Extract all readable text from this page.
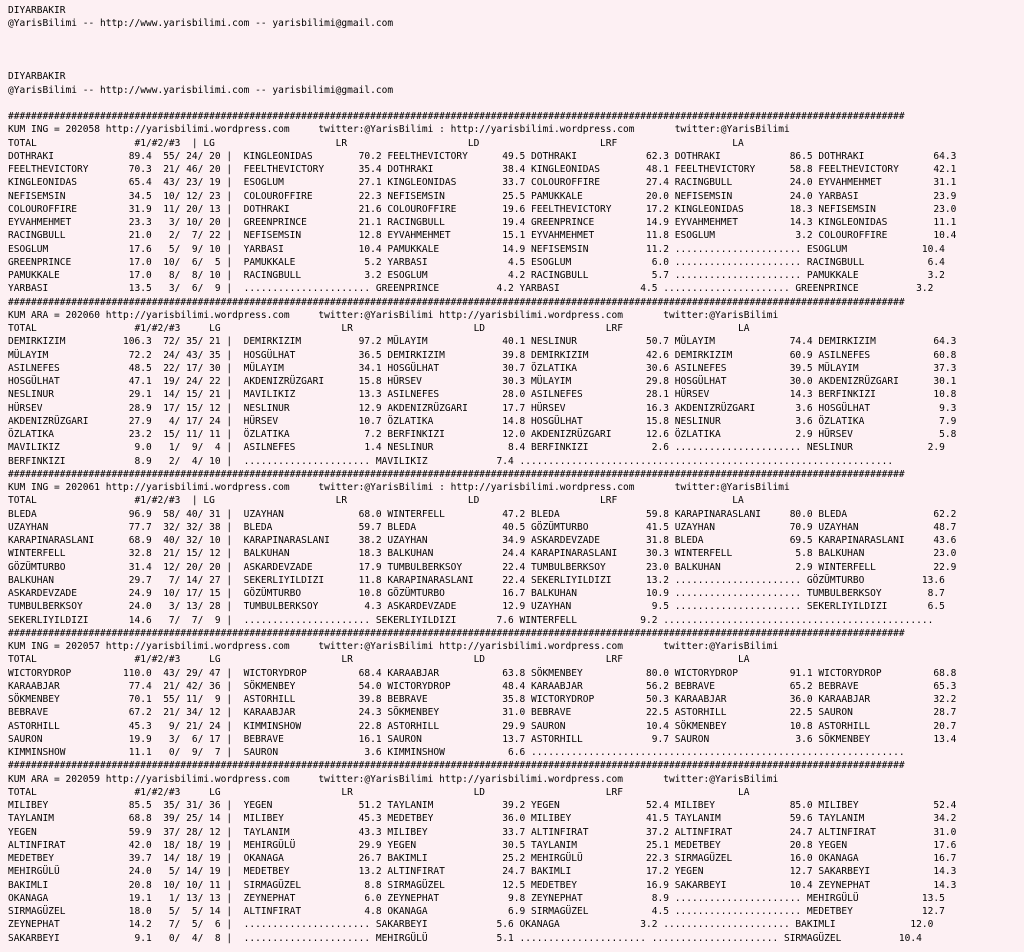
DIYARBAKIR
@YarisBilimi -- http://www.yarisbilimi.com -- yarisbilimi@gmail.com
DIYARBAKIR
@YarisBilimi -- http://www.yarisbilimi.com -- yarisbilimi@gmail.com
############################################################################################################################################################
KUM ING = 202058 http://yarisbilimi.wordpress.com     twitter:@YarisBilimi : http://yarisbilimi.wordpress.com       twitter:@YarisBilimi
TOTAL                 #1/#2/#3  | LG                     LR                     LD                     LRF                    LA
DOTHRAKI             89.4  55/ 24/ 20 |  KINGLEONIDAS        70.2 FEELTHEVICTORY      49.5 DOTHRAKI            62.3 DOTHRAKI            86.5 DOTHRAKI            64.3
FEELTHEVICTORY       70.3  21/ 46/ 20 |  FEELTHEVICTORY      35.4 DOTHRAKI            38.4 KINGLEONIDAS        48.1 FEELTHEVICTORY      58.8 FEELTHEVICTORY      42.1
KINGLEONIDAS         65.4  43/ 23/ 19 |  ESOGLUM             27.1 KINGLEONIDAS        33.7 COLOUROFFIRE        27.4 RACINGBULL          24.0 EYVAHMEHMET         31.1
NEFISEMSIN           34.5  10/ 12/ 23 |  COLOUROFFIRE        22.3 NEFISEMSIN          25.5 PAMUKKALE           20.0 NEFISEMSIN          24.0 YARBASI             23.9
COLOUROFFIRE         31.9  11/ 20/ 13 |  DOTHRAKI            21.6 COLOUROFFIRE        19.6 FEELTHEVICTORY      17.2 KINGLEONIDAS        18.3 NEFISEMSIN          23.0
EYVAHMEHMET          23.3   3/ 10/ 20 |  GREENPRINCE         21.1 RACINGBULL          19.4 GREENPRINCE         14.9 EYVAHMEHMET         14.3 KINGLEONIDAS        11.1
RACINGBULL           21.0   2/  7/ 22 |  NEFISEMSIN          12.8 EYVAHMEHMET         15.1 EYVAHMEHMET         11.8 ESOGLUM              3.2 COLOUROFFIRE        10.4
ESOGLUM              17.6   5/  9/ 10 |  YARBASI             10.4 PAMUKKALE           14.9 NEFISEMSIN          11.2 ...................... ESOGLUM             10.4
GREENPRINCE          17.0  10/  6/  5 |  PAMUKKALE            5.2 YARBASI              4.5 ESOGLUM              6.0 ...................... RACINGBULL           6.4
PAMUKKALE            17.0   8/  8/ 10 |  RACINGBULL           3.2 ESOGLUM              4.2 RACINGBULL           5.7 ...................... PAMUKKALE            3.2
YARBASI              13.5   3/  6/  9 |  ...................... GREENPRINCE          4.2 YARBASI              4.5 ...................... GREENPRINCE          3.2
############################################################################################################################################################
KUM ARA = 202060 http://yarisbilimi.wordpress.com     twitter:@YarisBilimi http://yarisbilimi.wordpress.com       twitter:@YarisBilimi
TOTAL                 #1/#2/#3     LG                     LR                     LD                     LRF                    LA
DEMIRKIZIM          106.3  72/ 35/ 21 |  DEMIRKIZIM          97.2 MÜLAYIM             40.1 NESLINUR            50.7 MÜLAYIM             74.4 DEMIRKIZIM          64.3
MÜLAYIM              72.2  24/ 43/ 35 |  HOSGÜLHAT           36.5 DEMIRKIZIM          39.8 DEMIRKIZIM          42.6 DEMIRKIZIM          60.9 ASILNEFES           60.8
ASILNEFES            48.5  22/ 17/ 30 |  MÜLAYIM             34.1 HOSGÜLHAT           30.7 ÖZLATIKA            30.6 ASILNEFES           39.5 MÜLAYIM             37.3
HOSGÜLHAT            47.1  19/ 24/ 22 |  AKDENIZRÜZGARI      15.8 HÜRSEV              30.3 MÜLAYIM             29.8 HOSGÜLHAT           30.0 AKDENIZRÜZGARI      30.1
NESLINUR             29.1  14/ 15/ 21 |  MAVILIKIZ           13.3 ASILNEFES           28.0 ASILNEFES           28.1 HÜRSEV              14.3 BERFINKIZI          10.8
HÜRSEV               28.9  17/ 15/ 12 |  NESLINUR            12.9 AKDENIZRÜZGARI      17.7 HÜRSEV              16.3 AKDENIZRÜZGARI       3.6 HOSGÜLHAT            9.3
AKDENIZRÜZGARI       27.9   4/ 17/ 24 |  HÜRSEV              10.7 ÖZLATIKA            14.8 HOSGÜLHAT           15.8 NESLINUR             3.6 ÖZLATIKA             7.9
ÖZLATIKA             23.2  15/ 11/ 11 |  ÖZLATIKA             7.2 BERFINKIZI          12.0 AKDENIZRÜZGARI      12.6 ÖZLATIKA             2.9 HÜRSEV               5.8
MAVILIKIZ             9.0   1/  9/  4 |  ASILNEFES            1.4 NESLINUR             8.4 BERFINKIZI           2.6 ...................... NESLINUR             2.9
BERFINKIZI            8.9   2/  4/ 10 |  ...................... MAVILIKIZ            7.4 .................................................................
############################################################################################################################################################
KUM ING = 202061 http://yarisbilimi.wordpress.com     twitter:@YarisBilimi : http://yarisbilimi.wordpress.com       twitter:@YarisBilimi
TOTAL                 #1/#2/#3  | LG                     LR                     LD                     LRF                    LA
BLEDA                96.9  58/ 40/ 31 |  UZAYHAN             68.0 WINTERFELL          47.2 BLEDA               59.8 KARAPINARASLANI     80.0 BLEDA               62.2
UZAYHAN              77.7  32/ 32/ 38 |  BLEDA               59.7 BLEDA               40.5 GÖZÜMTURBO          41.5 UZAYHAN             70.9 UZAYHAN             48.7
KARAPINARASLANI      68.9  40/ 32/ 10 |  KARAPINARASLANI     38.2 UZAYHAN             34.9 ASKARDEVZADE        31.8 BLEDA               69.5 KARAPINARASLANI     43.6
WINTERFELL           32.8  21/ 15/ 12 |  BALKUHAN            18.3 BALKUHAN            24.4 KARAPINARASLANI     30.3 WINTERFELL           5.8 BALKUHAN            23.0
GÖZÜMTURBO           31.4  12/ 20/ 20 |  ASKARDEVZADE        17.9 TUMBULBERKSOY       22.4 TUMBULBERKSOY       23.0 BALKUHAN             2.9 WINTERFELL          22.9
BALKUHAN             29.7   7/ 14/ 27 |  SEKERLIYILDIZI      11.8 KARAPINARASLANI     22.4 SEKERLIYILDIZI      13.2 ...................... GÖZÜMTURBO          13.6
ASKARDEVZADE         24.9  10/ 17/ 15 |  GÖZÜMTURBO          10.8 GÖZÜMTURBO          16.7 BALKUHAN            10.9 ...................... TUMBULBERKSOY        8.7
TUMBULBERKSOY        24.0   3/ 13/ 28 |  TUMBULBERKSOY        4.3 ASKARDEVZADE        12.9 UZAYHAN              9.5 ...................... SEKERLIYILDIZI       6.5
SEKERLIYILDIZI       14.6   7/  7/  9 |  ...................... SEKERLIYILDIZI       7.6 WINTERFELL           9.2 ...............................................
############################################################################################################################################################
KUM ING = 202057 http://yarisbilimi.wordpress.com     twitter:@YarisBilimi http://yarisbilimi.wordpress.com       twitter:@YarisBilimi
TOTAL                 #1/#2/#3     LG                     LR                     LD                     LRF                    LA
WICTORYDROP         110.0  43/ 29/ 47 |  WICTORYDROP         68.4 KARAABJAR           63.8 SÖKMENBEY           80.0 WICTORYDROP         91.1 WICTORYDROP         68.8
KARAABJAR            77.4  21/ 42/ 36 |  SÖKMENBEY           54.0 WICTORYDROP         48.4 KARAABJAR           56.2 BEBRAVE             65.2 BEBRAVE             65.3
SÖKMENBEY            70.1  55/ 11/  9 |  ASTORHILL           39.8 BEBRAVE             35.8 WICTORYDROP         50.3 KARAABJAR           36.0 KARAABJAR           32.2
BEBRAVE              67.2  21/ 34/ 12 |  KARAABJAR           24.3 SÖKMENBEY           31.0 BEBRAVE             22.5 ASTORHILL           22.5 SAURON              28.7
ASTORHILL            45.3   9/ 21/ 24 |  KIMMINSHOW          22.8 ASTORHILL           29.9 SAURON              10.4 SÖKMENBEY           10.8 ASTORHILL           20.7
SAURON               19.9   3/  6/ 17 |  BEBRAVE             16.1 SAURON              13.7 ASTORHILL            9.7 SAURON               3.6 SÖKMENBEY           13.4
KIMMINSHOW           11.1   0/  9/  7 |  SAURON               3.6 KIMMINSHOW           6.6 .................................................................
############################################################################################################################################################
KUM ARA = 202059 http://yarisbilimi.wordpress.com     twitter:@YarisBilimi http://yarisbilimi.wordpress.com       twitter:@YarisBilimi
TOTAL                 #1/#2/#3     LG                     LR                     LD                     LRF                    LA
MILIBEY              85.5  35/ 31/ 36 |  YEGEN               51.2 TAYLANIM            39.2 YEGEN               52.4 MILIBEY             85.0 MILIBEY             52.4
TAYLANIM             68.8  39/ 25/ 14 |  MILIBEY             45.3 MEDETBEY            36.0 MILIBEY             41.5 TAYLANIM            59.6 TAYLANIM            34.2
YEGEN                59.9  37/ 28/ 12 |  TAYLANIM            43.3 MILIBEY             33.7 ALTINFIRAT          37.2 ALTINFIRAT          24.7 ALTINFIRAT          31.0
ALTINFIRAT           42.0  18/ 18/ 19 |  MEHIRGÜLÜ           29.9 YEGEN               30.5 TAYLANIM            25.1 MEDETBEY            20.8 YEGEN               17.6
MEDETBEY             39.7  14/ 18/ 19 |  OKANAGA             26.7 BAKIMLI             25.2 MEHIRGÜLÜ           22.3 SIRMAGÜZEL          16.0 OKANAGA             16.7
MEHIRGÜLÜ            24.0   5/ 14/ 19 |  MEDETBEY            13.2 ALTINFIRAT          24.7 BAKIMLI             17.2 YEGEN               12.7 SAKARBEYI           14.3
BAKIMLI              20.8  10/ 10/ 11 |  SIRMAGÜZEL           8.8 SIRMAGÜZEL          12.5 MEDETBEY            16.9 SAKARBEYI           10.4 ZEYNEPHAT           14.3
OKANAGA              19.1   1/ 13/ 13 |  ZEYNEPHAT            6.0 ZEYNEPHAT            9.8 ZEYNEPHAT            8.9 ...................... MEHIRGÜLÜ           13.5
SIRMAGÜZEL           18.0   5/  5/ 14 |  ALTINFIRAT           4.8 OKANAGA              6.9 SIRMAGÜZEL           4.5 ...................... MEDETBEY            12.7
ZEYNEPHAT            14.2   7/  5/  6 |  ...................... SAKARBEYI            5.6 OKANAGA              3.2 ...................... BAKIMLI             12.0
SAKARBEYI             9.1   0/  4/  8 |  ...................... MEHIRGÜLÜ            5.1 ...................... ...................... SIRMAGÜZEL          10.4
